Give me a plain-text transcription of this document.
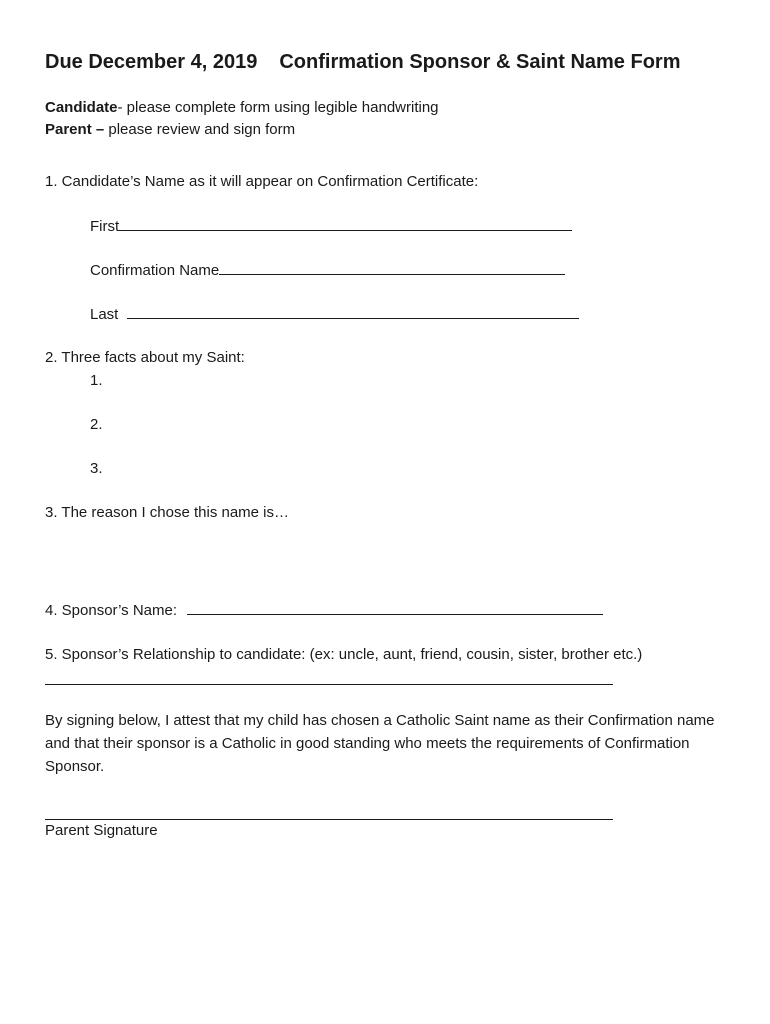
Due December 4, 2019 Confirmation Sponsor & Saint Name Form
Candidate- please complete form using legible handwriting
Parent – please review and sign form
1. Candidate’s Name as it will appear on Confirmation Certificate:
First
Confirmation Name
Last
2. Three facts about my Saint:
1.
2.
3.
3. The reason I chose this name is…
4. Sponsor’s Name:
5. Sponsor’s Relationship to candidate: (ex: uncle, aunt, friend, cousin, sister, brother etc.)
By signing below, I attest that my child has chosen a Catholic Saint name as their Confirmation name and that their sponsor is a Catholic in good standing who meets the requirements of Confirmation Sponsor.
Parent Signature
